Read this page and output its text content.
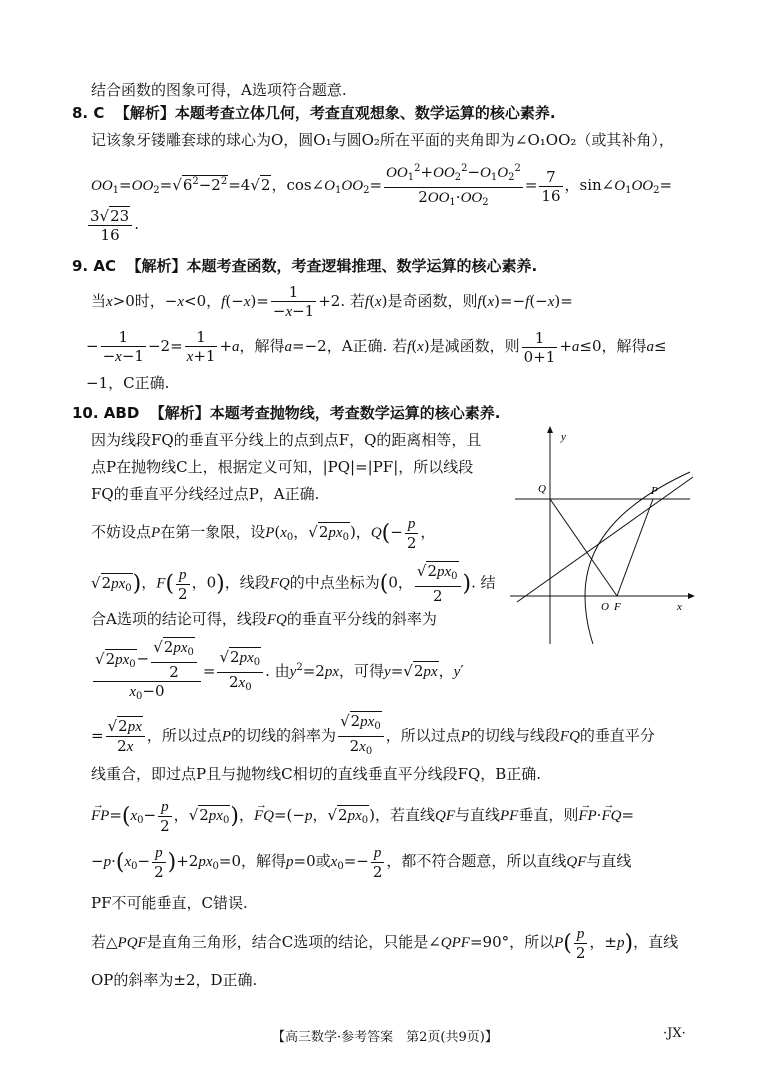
结合函数的图象可得，A选项符合题意.
8. C 【解析】本题考查立体几何，考查直观想象、数学运算的核心素养.
记该象牙镂雕套球的球心为O，圆O₁与圆O₂所在平面的夹角即为∠O₁OO₂（或其补角），
$OO_1=OO_2=√6^2-2^2=4√2$，$\cos\angle O_1OO_2= \frac{OO_1^2+OO_2^2-O_1O_2^2}{2OO_1\cdot OO_2} = \frac{7}{16}$ ，$\sin\angle O_1OO_2=$
$\frac{3√23}{16}$ .
9. AC 【解析】本题考查函数，考查逻辑推理、数学运算的核心素养.
当x>0时，−x<0，$f(-x)= \frac{1}{-x-1} +2$. 若f(x)是奇函数，则f(x)=−f(−x)=
− $\frac{1}{-x-1} -2= \frac{1}{x+1} +a$，解得a=−2，A正确. 若f(x)是减函数，则 $\frac{1}{0+1} +a\le 0$，解得a≤
−1，C正确.
10. ABD 【解析】本题考查抛物线，考查数学运算的核心素养.
因为线段FQ的垂直平分线上的点到点F，Q的距离相等，且
点P在抛物线C上，根据定义可知，|PQ|=|PF|，所以线段
FQ的垂直平分线经过点P，A正确.
不妨设点P在第一象限，设$P(x_0$，$√2px_0$)，$Q(- \frac{p}{2}$ ，
$√2px_0$)，$F( \frac{p}{2}$ ，0)，线段FQ的中点坐标为(0， $\frac{√2px_0}{2}$ ). 结
合A选项的结论可得，线段FQ的垂直平分线的斜率为
$\frac{√2px_0- \frac{√2px_0}{2}}{x_0-0} = \frac{√2px_0}{2x_0}$ . 由$y^2=2px$，可得y=√2px，y′
= $\frac{√2px}{2x}$ ，所以过点P的切线的斜率为 $\frac{√2px_0}{2x_0}$ ，所以过点P的切线与线段FQ的垂直平分
线重合，即过点P且与抛物线C相切的直线垂直平分线段FQ，B正确.
→ $FP=(x_0- \frac{p}{2}$ ，$√2px_0$)，→ FQ=(−p，$√2px_0$)，若直线QF与直线PF垂直，则→ FP·→ FQ=
$-p\cdot(x_0- \frac{p}{2} )+2px_0=0$，解得p=0或$x_0=- \frac{p}{2}$ ，都不符合题意，所以直线QF与直线
PF不可能垂直，C错误.
若△PQF是直角三角形，结合C选项的结论，只能是∠QPF=90°，所以$P( \frac{p}{2}$ ，±p)，直线
OP的斜率为±2，D正确.
y
x
Q	P
O F
【高三数学·参考答案　第2页(共9页)】	·JX·
